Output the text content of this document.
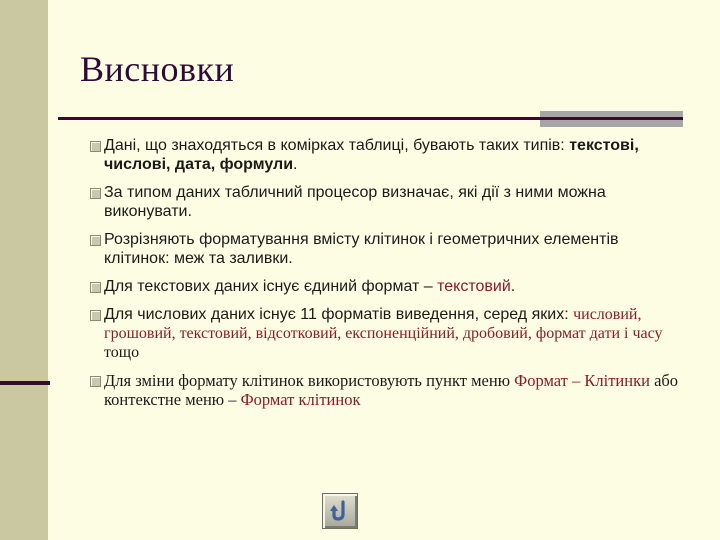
Висновки
Дані, що знаходяться в комірках таблиці, бувають таких типів: текстові, числові, дата, формули.
За типом даних табличний процесор визначає, які дії з ними можна виконувати.
Розрізняють форматування вмісту клітинок і геометричних елементів клітинок: меж та заливки.
Для текстових даних існує єдиний формат – текстовий.
Для числових даних існує 11 форматів виведення, серед яких: числовий, грошовий, текстовий, відсотковий, експоненційний, дробовий, формат дати і часу тощо
Для зміни формату клітинок використовують пункт меню Формат – Клітинки або контекстне меню – Формат клітинок
